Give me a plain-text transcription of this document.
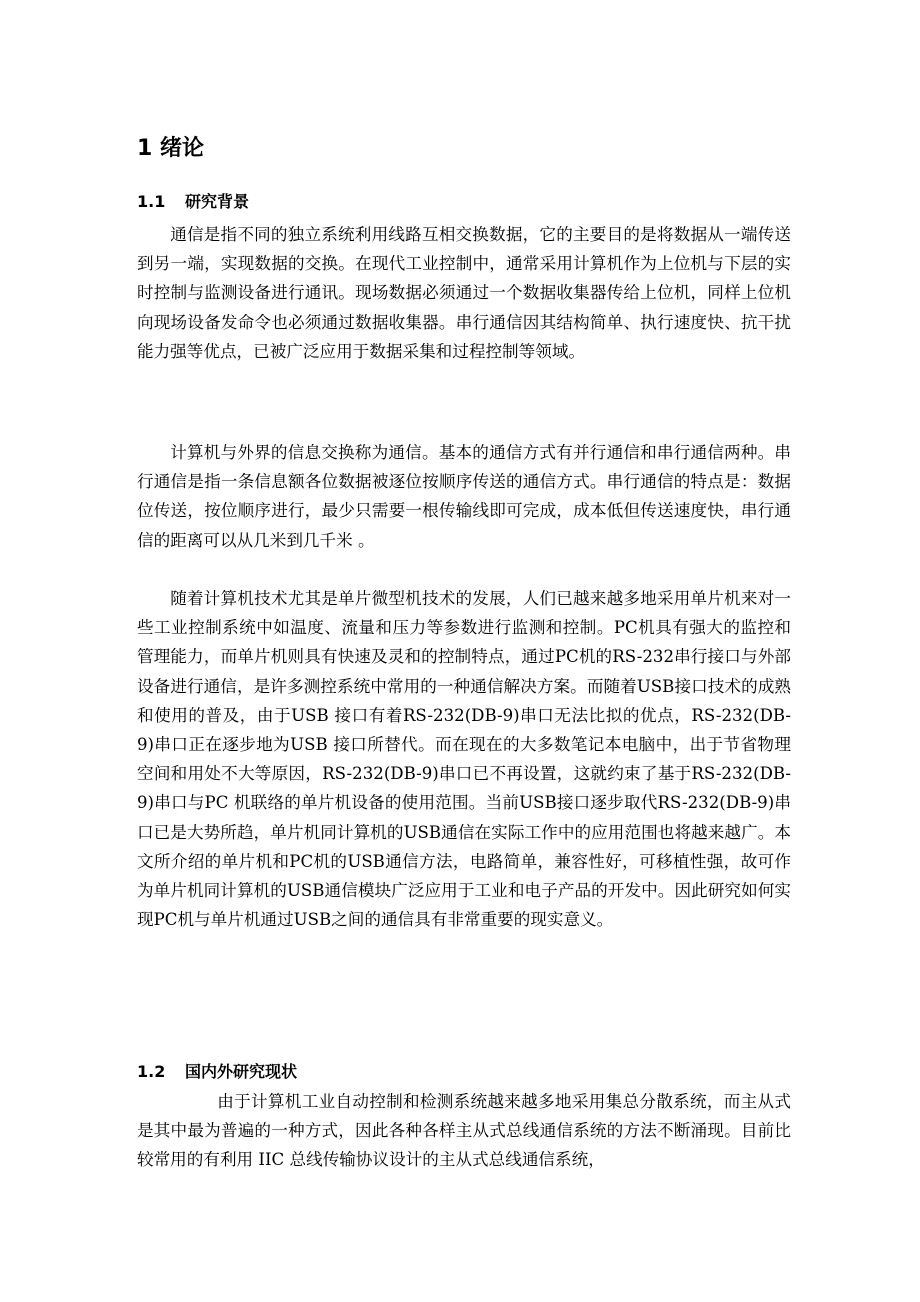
1 绪论
1.1 研究背景

通信是指不同的独立系统利用线路互相交换数据，它的主要目的是将数据从一端传送到另一端，实现数据的交换。在现代工业控制中，通常采用计算机作为上位机与下层的实时控制与监测设备进行通讯。现场数据必须通过一个数据收集器传给上位机，同样上位机向现场设备发命令也必须通过数据收集器。串行通信因其结构简单、执行速度快、抗干扰能力强等优点，已被广泛应用于数据采集和过程控制等领域。

计算机与外界的信息交换称为通信。基本的通信方式有并行通信和串行通信两种。串行通信是指一条信息额各位数据被逐位按顺序传送的通信方式。串行通信的特点是：数据位传送，按位顺序进行，最少只需要一根传输线即可完成，成本低但传送速度快，串行通信的距离可以从几米到几千米 。

随着计算机技术尤其是单片微型机技术的发展，人们已越来越多地采用单片机来对一些工业控制系统中如温度、流量和压力等参数进行监测和控制。PC机具有强大的监控和管理能力，而单片机则具有快速及灵和的控制特点，通过PC机的RS-232串行接口与外部设备进行通信，是许多测控系统中常用的一种通信解决方案。而随着USB接口技术的成熟和使用的普及，由于USB 接口有着RS-232(DB-9)串口无法比拟的优点，RS-232(DB-9)串口正在逐步地为USB 接口所替代。而在现在的大多数笔记本电脑中，出于节省物理空间和用处不大等原因，RS-232(DB-9)串口已不再设置，这就约束了基于RS-232(DB-9)串口与PC 机联络的单片机设备的使用范围。当前USB接口逐步取代RS-232(DB-9)串口已是大势所趋，单片机同计算机的USB通信在实际工作中的应用范围也将越来越广。本文所介绍的单片机和PC机的USB通信方法，电路简单，兼容性好，可移植性强，故可作为单片机同计算机的USB通信模块广泛应用于工业和电子产品的开发中。因此研究如何实现PC机与单片机通过USB之间的通信具有非常重要的现实意义。

1.2 国内外研究现状

由于计算机工业自动控制和检测系统越来越多地采用集总分散系统，而主从式是其中最为普遍的一种方式，因此各种各样主从式总线通信系统的方法不断涌现。目前比较常用的有利用 IIC 总线传输协议设计的主从式总线通信系统，
